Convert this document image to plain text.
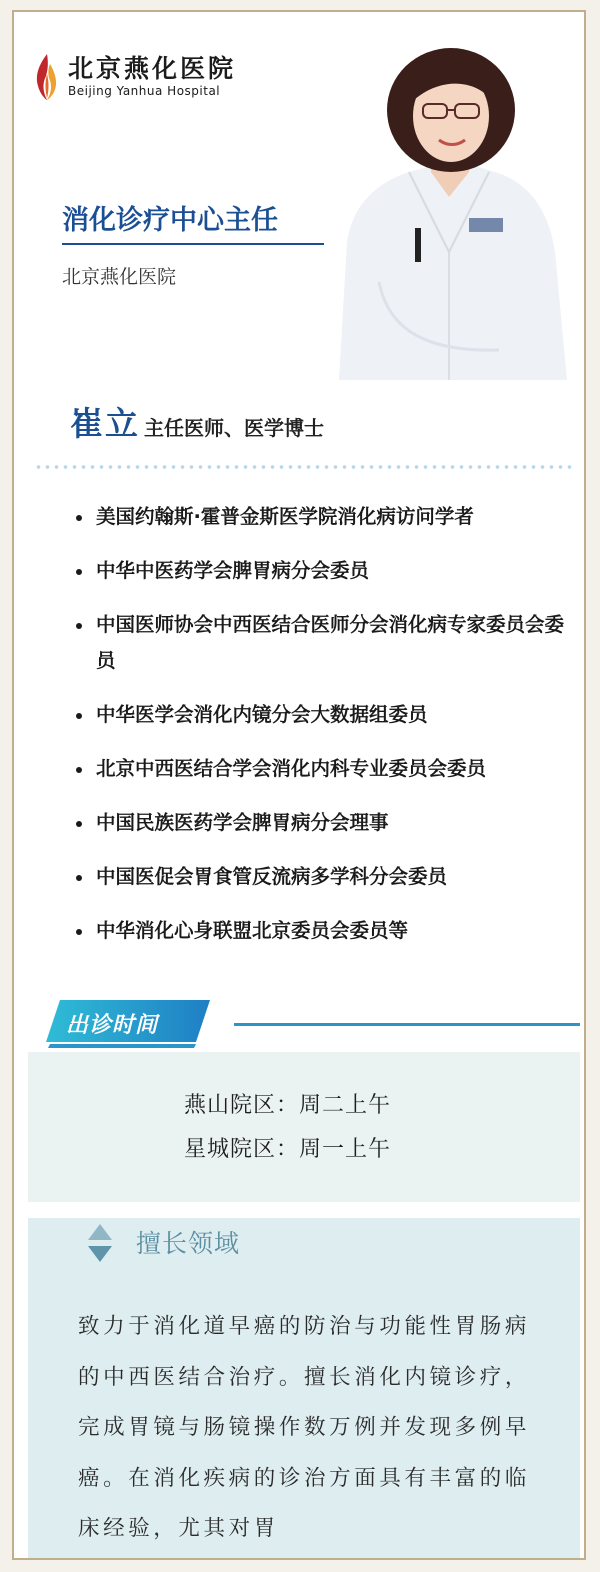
北京燕化医院
Beijing Yanhua Hospital
消化诊疗中心主任
北京燕化医院
崔立 主任医师、医学博士
美国约翰斯·霍普金斯医学院消化病访问学者
中华中医药学会脾胃病分会委员
中国医师协会中西医结合医师分会消化病专家委员会委员
中华医学会消化内镜分会大数据组委员
北京中西医结合学会消化内科专业委员会委员
中国民族医药学会脾胃病分会理事
中国医促会胃食管反流病多学科分会委员
中华消化心身联盟北京委员会委员等
出诊时间
燕山院区：周二上午
星城院区：周一上午
擅长领域
致力于消化道早癌的防治与功能性胃肠病的中西医结合治疗。擅长消化内镜诊疗，完成胃镜与肠镜操作数万例并发现多例早癌。在消化疾病的诊治方面具有丰富的临床经验，尤其对胃
